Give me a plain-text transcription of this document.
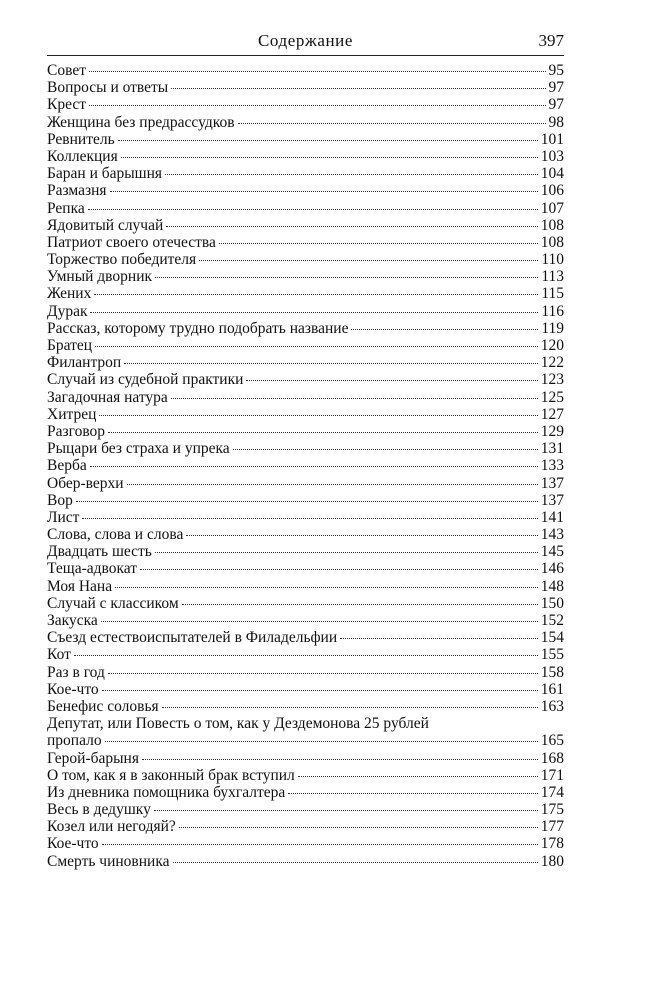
Содержание	397
Совет	95
Вопросы и ответы	97
Крест	97
Женщина без предрассудков	98
Ревнитель	101
Коллекция	103
Баран и барышня	104
Размазня	106
Репка	107
Ядовитый случай	108
Патриот своего отечества	108
Торжество победителя	110
Умный дворник	113
Жених	115
Дурак	116
Рассказ, которому трудно подобрать название	119
Братец	120
Филантроп	122
Случай из судебной практики	123
Загадочная натура	125
Хитрец	127
Разговор	129
Рыцари без страха и упрека	131
Верба	133
Обер-верхи	137
Вор	137
Лист	141
Слова, слова и слова	143
Двадцать шесть	145
Теща-адвокат	146
Моя Нана	148
Случай с классиком	150
Закуска	152
Съезд естествоиспытателей в Филадельфии	154
Кот	155
Раз в год	158
Кое-что	161
Бенефис соловья	163
Депутат, или Повесть о том, как у Дездемонова 25 рублей
пропало	165
Герой-барыня	168
О том, как я в законный брак вступил	171
Из дневника помощника бухгалтера	174
Весь в дедушку	175
Козел или негодяй?	177
Кое-что	178
Смерть чиновника	180
